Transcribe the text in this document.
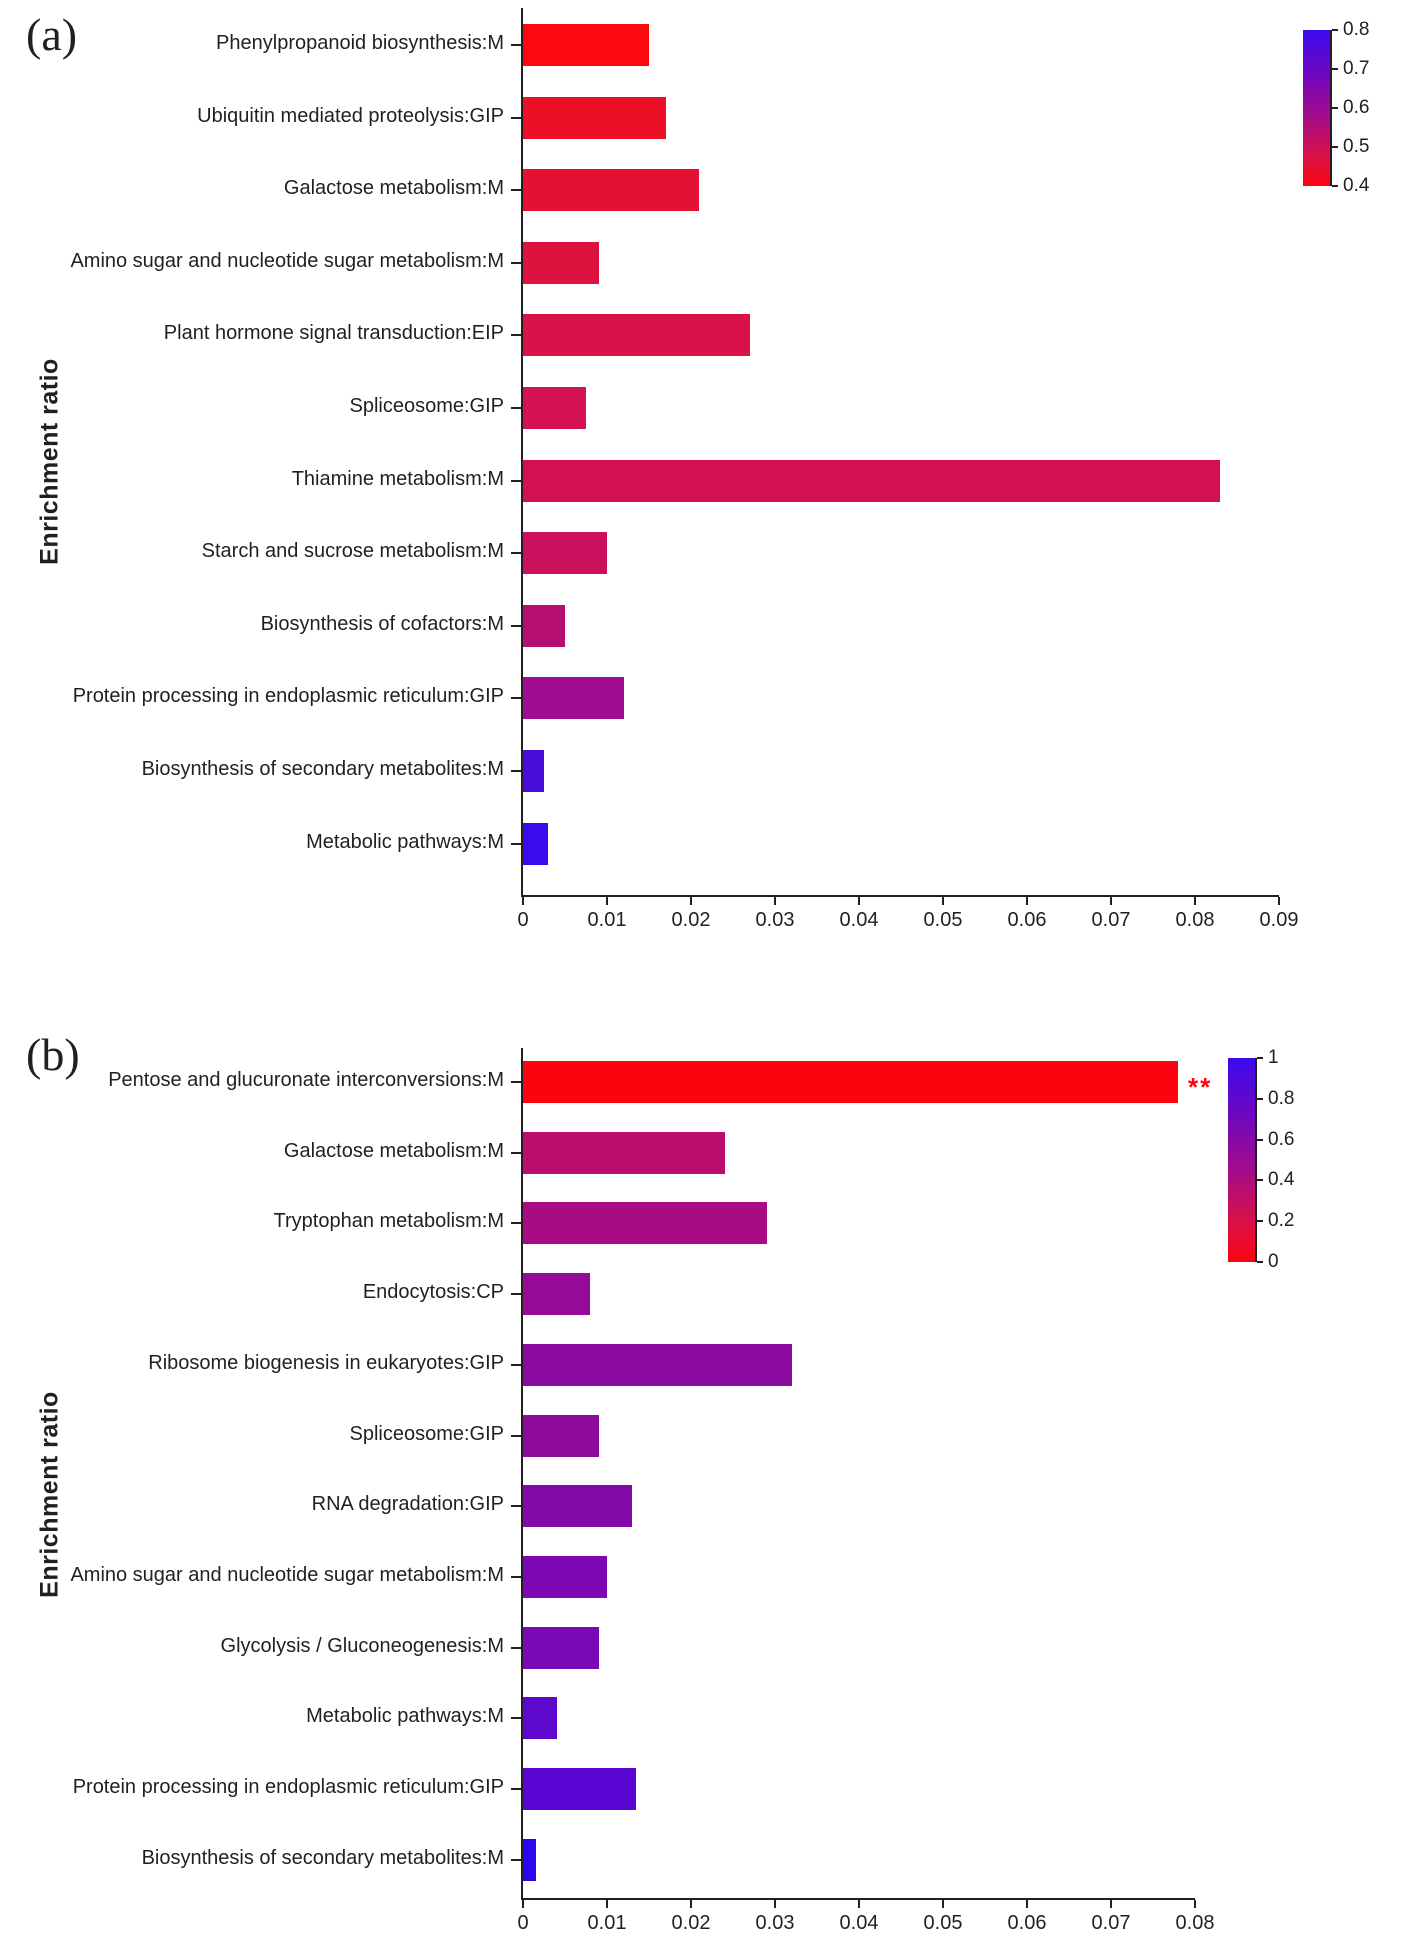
(a)
Enrichment ratio
0	0.01	0.02	0.03	0.04	0.05	0.06	0.07	0.08	0.09
Phenylpropanoid biosynthesis:M
Ubiquitin mediated proteolysis:GIP
Galactose metabolism:M
Amino sugar and nucleotide sugar metabolism:M
Plant hormone signal transduction:EIP
Spliceosome:GIP
Thiamine metabolism:M
Starch and sucrose metabolism:M
Biosynthesis of cofactors:M
Protein processing in endoplasmic reticulum:GIP
Biosynthesis of secondary metabolites:M
Metabolic pathways:M
0.8
0.7
0.6
0.5
0.4
(b)
Enrichment ratio
0	0.01	0.02	0.03	0.04	0.05	0.06	0.07	0.08
Pentose and glucuronate interconversions:M	**
Galactose metabolism:M
Tryptophan metabolism:M
Endocytosis:CP
Ribosome biogenesis in eukaryotes:GIP
Spliceosome:GIP
RNA degradation:GIP
Amino sugar and nucleotide sugar metabolism:M
Glycolysis / Gluconeogenesis:M
Metabolic pathways:M
Protein processing in endoplasmic reticulum:GIP
Biosynthesis of secondary metabolites:M
1
0.8
0.6
0.4
0.2
0
